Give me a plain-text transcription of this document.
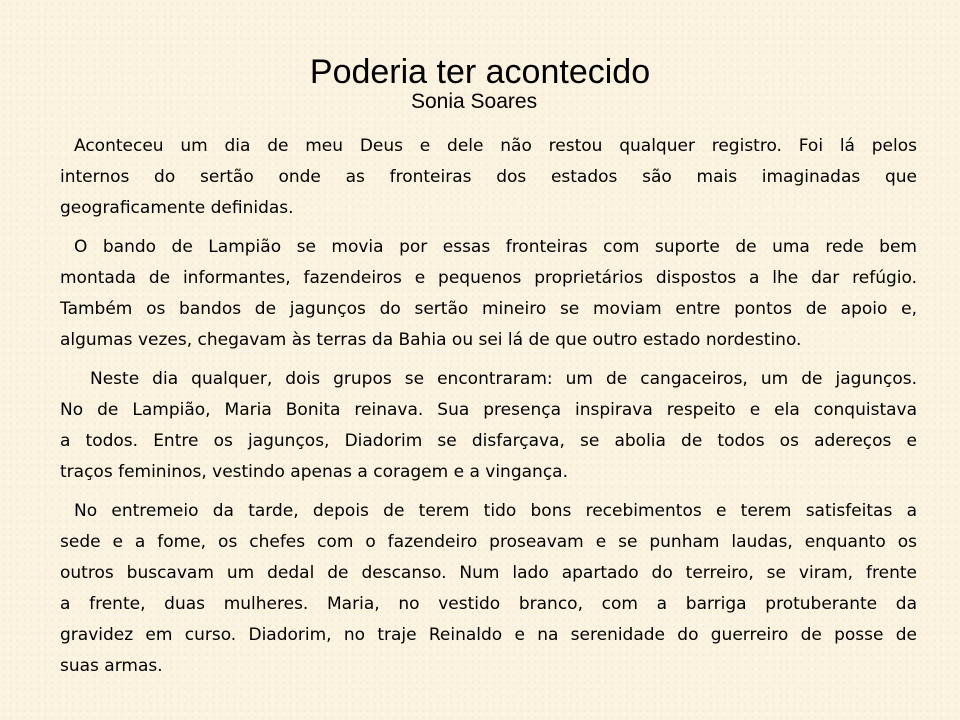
Poderia ter acontecido

Sonia Soares

Aconteceu um dia de meu Deus e dele não restou qualquer registro. Foi lá pelos
internos do sertão onde as fronteiras dos estados são mais imaginadas que
geograficamente definidas.
O bando de Lampião se movia por essas fronteiras com suporte de uma rede bem
montada de informantes, fazendeiros e pequenos proprietários dispostos a lhe dar refúgio.
Também os bandos de jagunços do sertão mineiro se moviam entre pontos de apoio e,
algumas vezes, chegavam às terras da Bahia ou sei lá de que outro estado nordestino.
Neste dia qualquer, dois grupos se encontraram: um de cangaceiros, um de jagunços.
No de Lampião, Maria Bonita reinava. Sua presença inspirava respeito e ela conquistava
a todos. Entre os jagunços, Diadorim se disfarçava, se abolia de todos os adereços e
traços femininos, vestindo apenas a coragem e a vingança.
No entremeio da tarde, depois de terem tido bons recebimentos e terem satisfeitas a
sede e a fome, os chefes com o fazendeiro proseavam e se punham laudas, enquanto os
outros buscavam um dedal de descanso. Num lado apartado do terreiro, se viram, frente
a frente, duas mulheres. Maria, no vestido branco, com a barriga protuberante da
gravidez em curso. Diadorim, no traje Reinaldo e na serenidade do guerreiro de posse de
suas armas.
